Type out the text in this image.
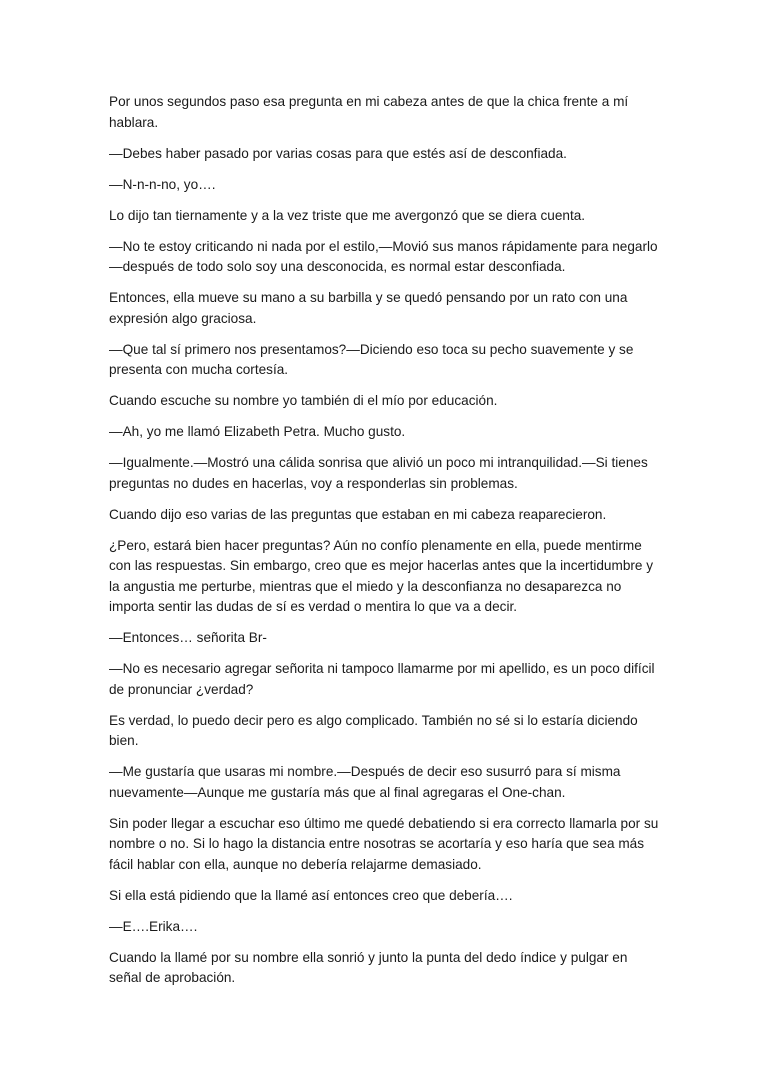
Por unos segundos paso esa pregunta en mi cabeza antes de que la chica frente a mí hablara.

—Debes haber pasado por varias cosas para que estés así de desconfiada.

—N-n-n-no, yo….

Lo dijo tan tiernamente y a la vez triste que me avergonzó que se diera cuenta.

—No te estoy criticando ni nada por el estilo,—Movió sus manos rápidamente para negarlo—después de todo solo soy una desconocida, es normal estar desconfiada.

Entonces, ella mueve su mano a su barbilla y se quedó pensando por un rato con una expresión algo graciosa.

—Que tal sí primero nos presentamos?—Diciendo eso toca su pecho suavemente y se presenta con mucha cortesía.

Cuando escuche su nombre yo también di el mío por educación.

—Ah, yo me llamó Elizabeth Petra. Mucho gusto.

—Igualmente.—Mostró una cálida sonrisa que alivió un poco mi intranquilidad.—Si tienes preguntas no dudes en hacerlas, voy a responderlas sin problemas.

Cuando dijo eso varias de las preguntas que estaban en mi cabeza reaparecieron.

¿Pero, estará bien hacer preguntas? Aún no confío plenamente en ella, puede mentirme con las respuestas. Sin embargo, creo que es mejor hacerlas antes que la incertidumbre y la angustia me perturbe, mientras que el miedo y la desconfianza no desaparezca no importa sentir las dudas de sí es verdad o mentira lo que va a decir.

—Entonces… señorita Br-

—No es necesario agregar señorita ni tampoco llamarme por mi apellido, es un poco difícil de pronunciar ¿verdad?

Es verdad, lo puedo decir pero es algo complicado. También no sé si lo estaría diciendo bien.

—Me gustaría que usaras mi nombre.—Después de decir eso susurró para sí misma nuevamente—Aunque me gustaría más que al final agregaras el One-chan.

Sin poder llegar a escuchar eso último me quedé debatiendo si era correcto llamarla por su nombre o no. Si lo hago la distancia entre nosotras se acortaría y eso haría que sea más fácil hablar con ella, aunque no debería relajarme demasiado.

Si ella está pidiendo que la llamé así entonces creo que debería….

—E….Erika….

Cuando la llamé por su nombre ella sonrió y junto la punta del dedo índice y pulgar en señal de aprobación.
